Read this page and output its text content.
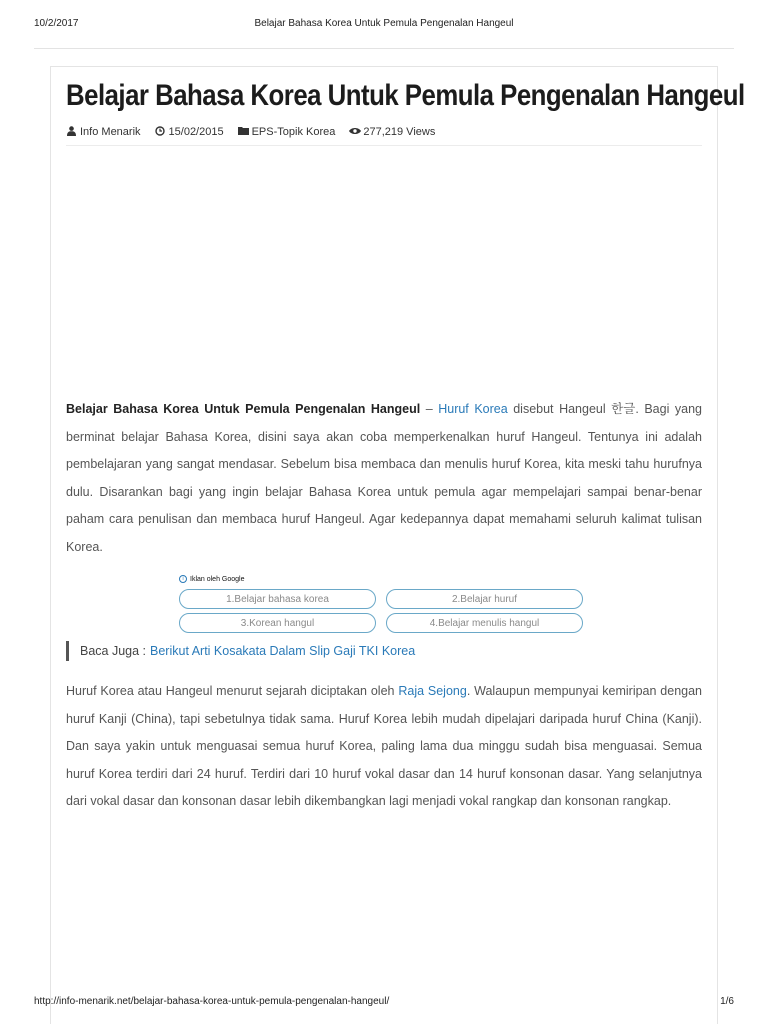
10/2/2017	Belajar Bahasa Korea Untuk Pemula Pengenalan Hangeul
Belajar Bahasa Korea Untuk Pemula Pengenalan Hangeul
Info Menarik	15/02/2015	EPS-Topik Korea	277,219 Views

Belajar Bahasa Korea Untuk Pemula Pengenalan Hangeul – Huruf Korea disebut Hangeul 한글. Bagi yang berminat belajar Bahasa Korea, disini saya akan coba memperkenalkan huruf Hangeul. Tentunya ini adalah pembelajaran yang sangat mendasar. Sebelum bisa membaca dan menulis huruf Korea, kita meski tahu hurufnya dulu. Disarankan bagi yang ingin belajar Bahasa Korea untuk pemula agar mempelajari sampai benar-benar paham cara penulisan dan membaca huruf Hangeul. Agar kedepannya dapat memahami seluruh kalimat tulisan Korea.

i Iklan oleh Google
1.Belajar bahasa korea	2.Belajar huruf
3.Korean hangul	4.Belajar menulis hangul
Baca Juga : Berikut Arti Kosakata Dalam Slip Gaji TKI Korea

Huruf Korea atau Hangeul menurut sejarah diciptakan oleh Raja Sejong. Walaupun mempunyai kemiripan dengan huruf Kanji (China), tapi sebetulnya tidak sama. Huruf Korea lebih mudah dipelajari daripada huruf China (Kanji). Dan saya yakin untuk menguasai semua huruf Korea, paling lama dua minggu sudah bisa menguasai. Semua huruf Korea terdiri dari 24 huruf. Terdiri dari 10 huruf vokal dasar dan 14 huruf konsonan dasar. Yang selanjutnya dari vokal dasar dan konsonan dasar lebih dikembangkan lagi menjadi vokal rangkap dan konsonan rangkap.

http://info-menarik.net/belajar-bahasa-korea-untuk-pemula-pengenalan-hangeul/	1/6
